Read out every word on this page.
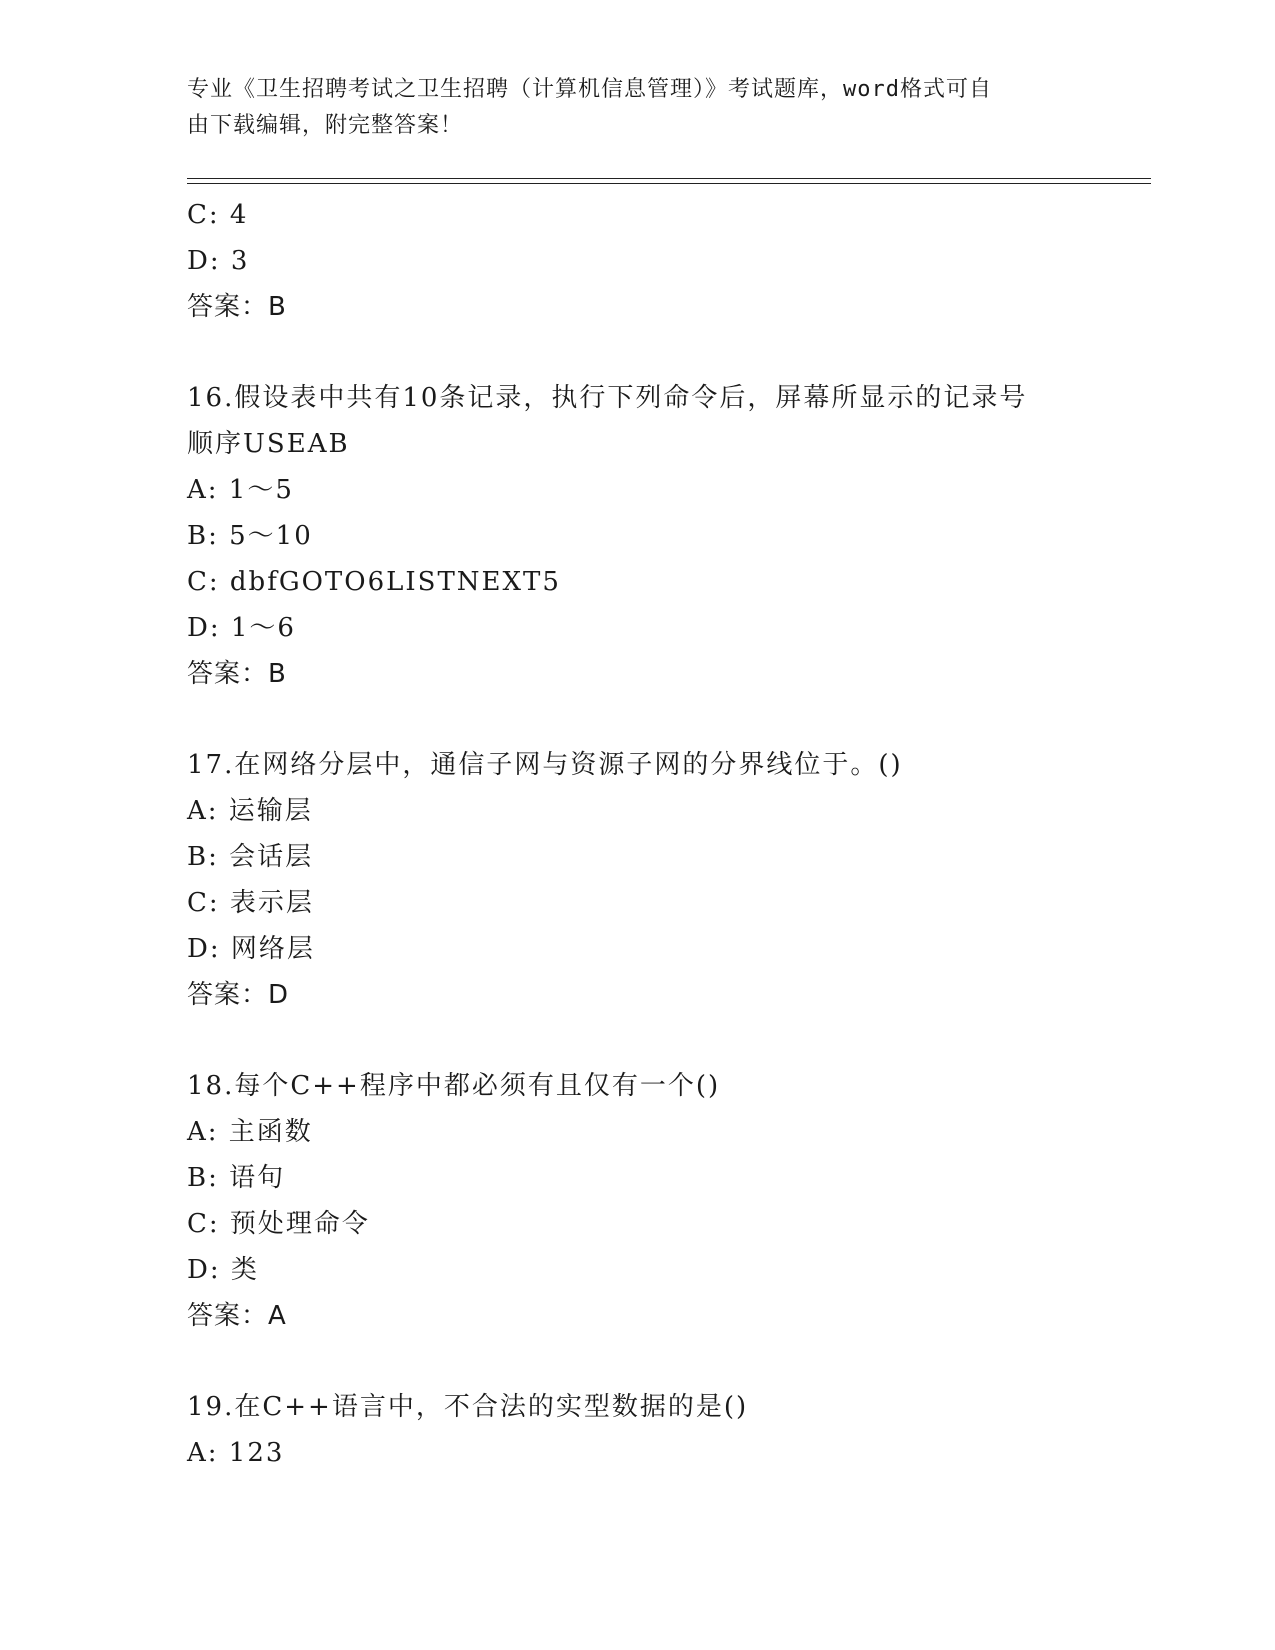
专业《卫生招聘考试之卫生招聘（计算机信息管理）》考试题库，word格式可自
由下载编辑，附完整答案！
C: 4
D: 3
答案：B
16.假设表中共有10条记录，执行下列命令后，屏幕所显示的记录号
顺序USEAB
A: 1～5
B: 5～10
C: dbfGOTO6LISTNEXT5
D: 1～6
答案：B
17.在网络分层中，通信子网与资源子网的分界线位于。()
A: 运输层
B: 会话层
C: 表示层
D: 网络层
答案：D
18.每个C++程序中都必须有且仅有一个()
A: 主函数
B: 语句
C: 预处理命令
D: 类
答案：A
19.在C++语言中，不合法的实型数据的是()
A: 123
